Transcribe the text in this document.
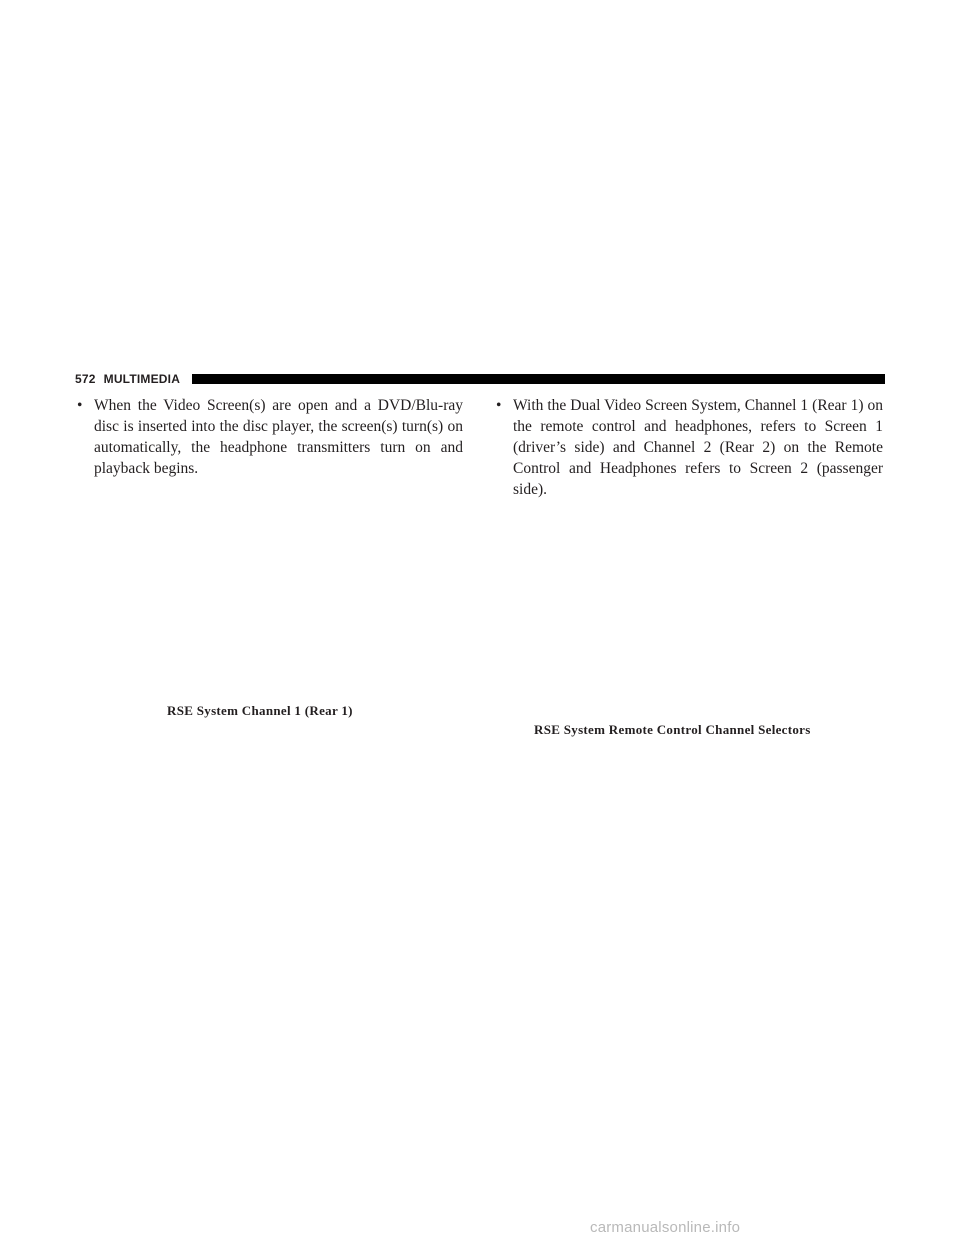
572 MULTIMEDIA
• When the Video Screen(s) are open and a DVD/Blu-ray disc is inserted into the disc player, the screen(s) turn(s) on automatically, the headphone transmitters turn on and playback begins.
• With the Dual Video Screen System, Channel 1 (Rear 1) on the remote control and headphones, refers to Screen 1 (driver’s side) and Channel 2 (Rear 2) on the Remote Control and Headphones refers to Screen 2 (passenger side).
RSE System Channel 1 (Rear 1)
RSE System Remote Control Channel Selectors
carmanualsonline.info
